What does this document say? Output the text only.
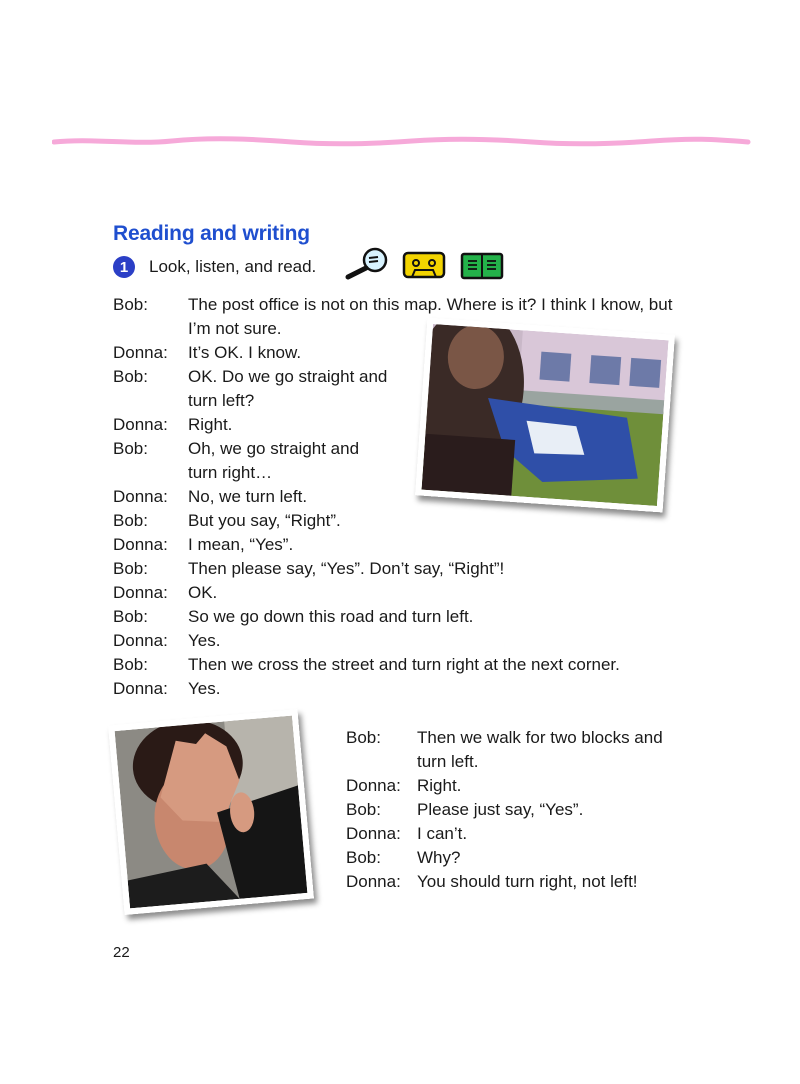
Reading and writing
1	Look, listen, and read.
Bob:	The post office is not on this map. Where is it? I think I know, but
I’m not sure.
Donna:	It’s OK. I know.
Bob:	OK. Do we go straight and
turn left?
Donna:	Right.
Bob:	Oh, we go straight and
turn right…
Donna:	No, we turn left.
Bob:	But you say, “Right”.
Donna:	I mean, “Yes”.
Bob:	Then please say, “Yes”. Don’t say, “Right”!
Donna:	OK.
Bob:	So we go down this road and turn left.
Donna:	Yes.
Bob:	Then we cross the street and turn right at the next corner.
Donna:	Yes.
Bob:	Then we walk for two blocks and
turn left.
Donna: Right.
Bob:	Please just say, “Yes”.
Donna: I can’t.
Bob:	Why?
Donna: You should turn right, not left!
22
